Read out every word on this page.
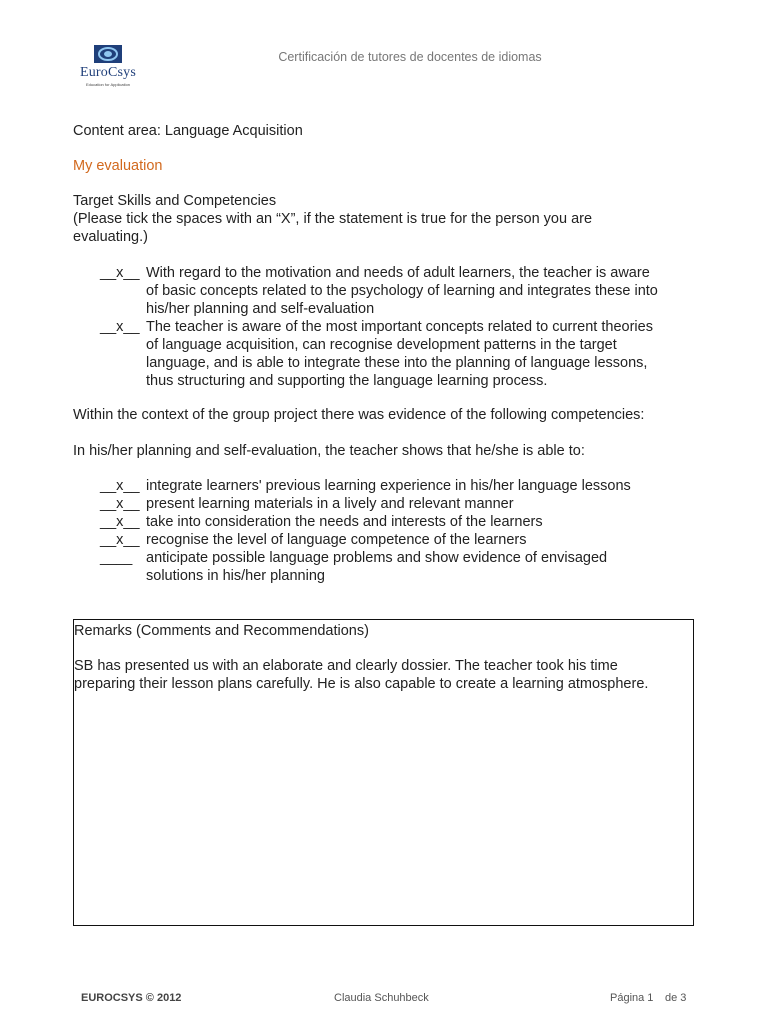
EuroCsys
Education for Application
Certificación de tutores de docentes de idiomas
Content area: Language Acquisition
My evaluation
Target Skills and Competencies
(Please tick the spaces with an “X”, if the statement is true for the person you are
evaluating.)
__x__ With regard to the motivation and needs of adult learners, the teacher is aware
of basic concepts related to the psychology of learning and integrates these into
his/her planning and self-evaluation
__x__ The teacher is aware of the most important concepts related to current theories
of language acquisition, can recognise development patterns in the target
language, and is able to integrate these into the planning of language lessons,
thus structuring and supporting the language learning process.
Within the context of the group project there was evidence of the following competencies:
In his/her planning and self-evaluation, the teacher shows that he/she is able to:
__x__ integrate learners' previous learning experience in his/her language lessons
__x__ present learning materials in a lively and relevant manner
__x__ take into consideration the needs and interests of the learners
__x__ recognise the level of language competence of the learners
____ anticipate possible language problems and show evidence of envisaged
solutions in his/her planning
Remarks (Comments and Recommendations)
SB has presented us with an elaborate and clearly dossier. The teacher took his time
preparing their lesson plans carefully. He is also capable to create a learning atmosphere.
EUROCSYS © 2012	Claudia Schuhbeck	Página 1 de 3
